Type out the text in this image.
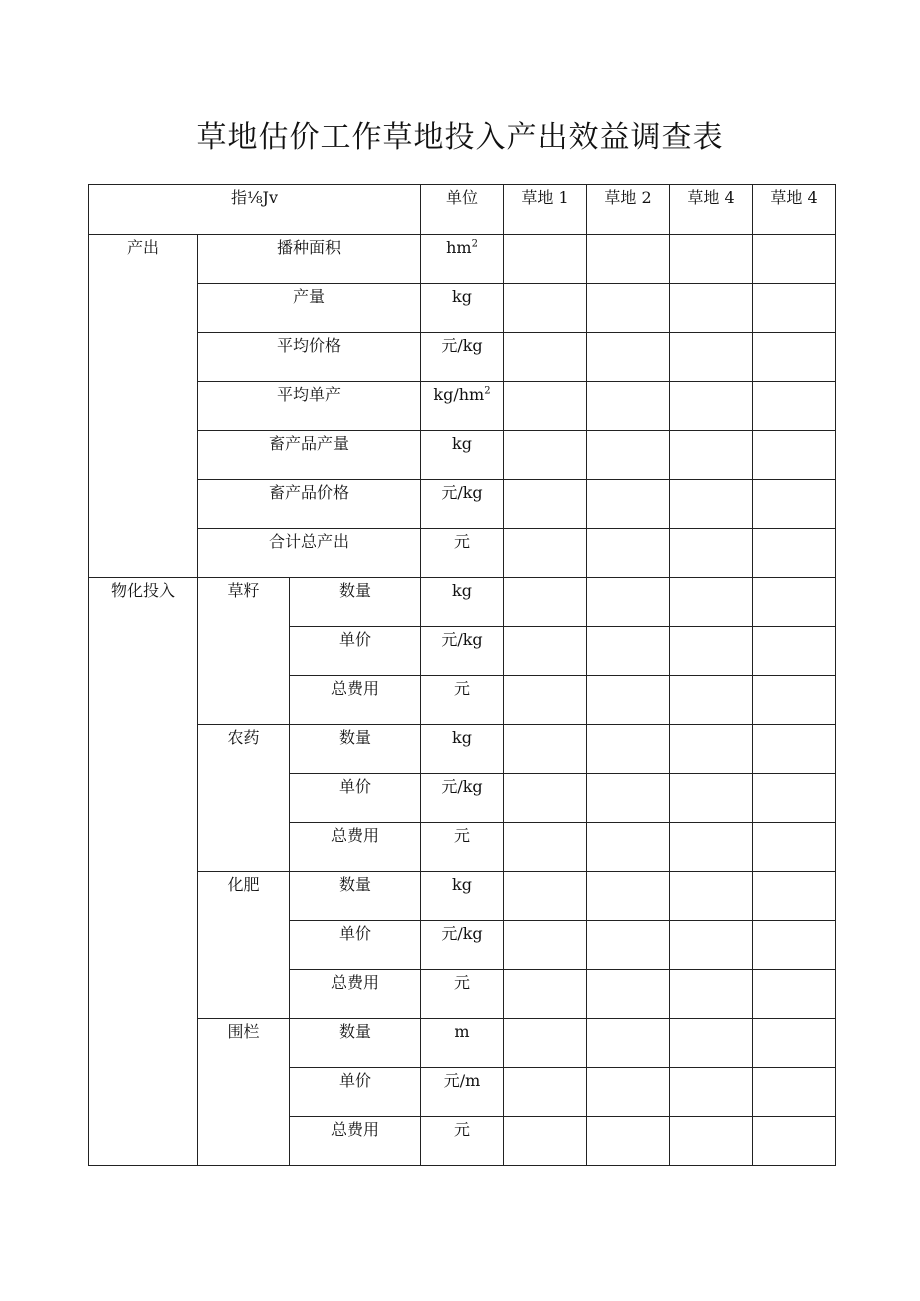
草地估价工作草地投入产出效益调查表
指⅛Jv			单位	草地 1	草地 2	草地 4	草地 4

产出	播种面积		$hm^2$

	产量		kg				

	平均价格		元/kg				

	平均单产		$kg/hm^2$

	畜产品产量		kg				

	畜产品价格		元/kg				

	合计总产出		元				

物化投入	草籽	数量	kg				

		单价	元/kg				

		总费用	元				

	农药	数量	kg				

		单价	元/kg				

		总费用	元				

	化肥	数量	kg				

		单价	元/kg				

		总费用	元				

	围栏	数量	m				

		单价	元/m				

		总费用	元				
